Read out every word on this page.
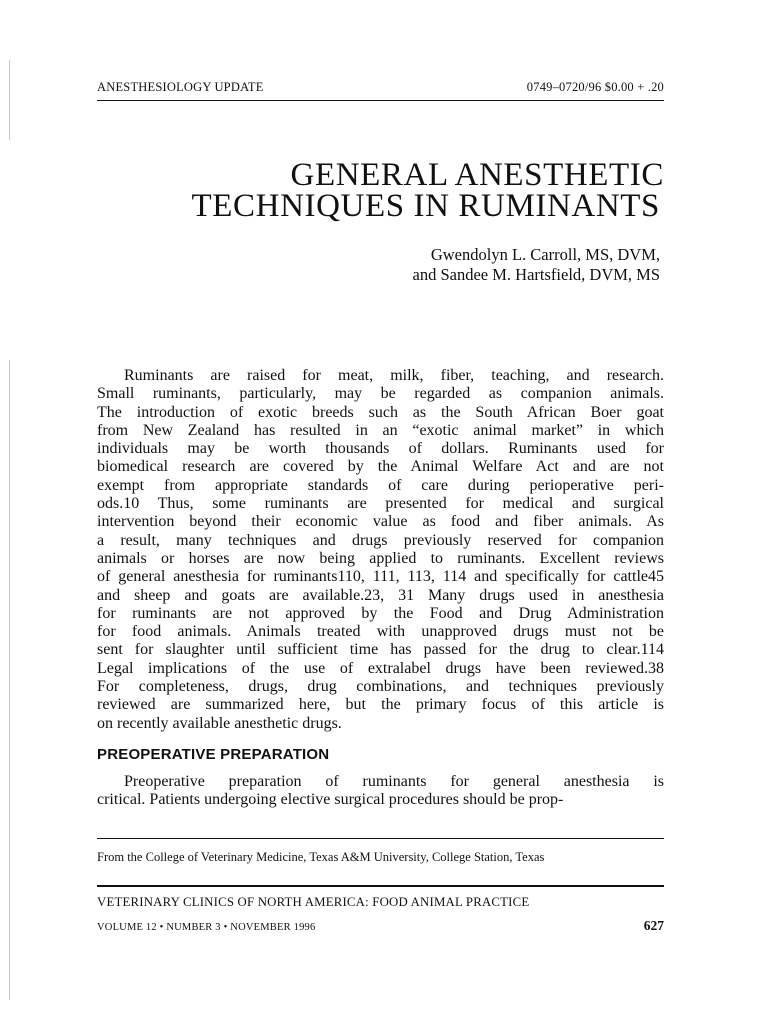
ANESTHESIOLOGY UPDATE	0749–0720/96 $0.00 + .20
GENERAL ANESTHETIC
TECHNIQUES IN RUMINANTS
Gwendolyn L. Carroll, MS, DVM,
and Sandee M. Hartsfield, DVM, MS
Ruminants are raised for meat, milk, fiber, teaching, and research.
Small ruminants, particularly, may be regarded as companion animals.
The introduction of exotic breeds such as the South African Boer goat
from New Zealand has resulted in an “exotic animal market” in which
individuals may be worth thousands of dollars. Ruminants used for
biomedical research are covered by the Animal Welfare Act and are not
exempt from appropriate standards of care during perioperative peri-
ods.10 Thus, some ruminants are presented for medical and surgical
intervention beyond their economic value as food and fiber animals. As
a result, many techniques and drugs previously reserved for companion
animals or horses are now being applied to ruminants. Excellent reviews
of general anesthesia for ruminants110, 111, 113, 114 and specifically for cattle45
and sheep and goats are available.23, 31 Many drugs used in anesthesia
for ruminants are not approved by the Food and Drug Administration
for food animals. Animals treated with unapproved drugs must not be
sent for slaughter until sufficient time has passed for the drug to clear.114
Legal implications of the use of extralabel drugs have been reviewed.38
For completeness, drugs, drug combinations, and techniques previously
reviewed are summarized here, but the primary focus of this article is
on recently available anesthetic drugs.
PREOPERATIVE PREPARATION
Preoperative preparation of ruminants for general anesthesia is
critical. Patients undergoing elective surgical procedures should be prop-
From the College of Veterinary Medicine, Texas A&M University, College Station, Texas
VETERINARY CLINICS OF NORTH AMERICA: FOOD ANIMAL PRACTICE
VOLUME 12 • NUMBER 3 • NOVEMBER 1996	627
